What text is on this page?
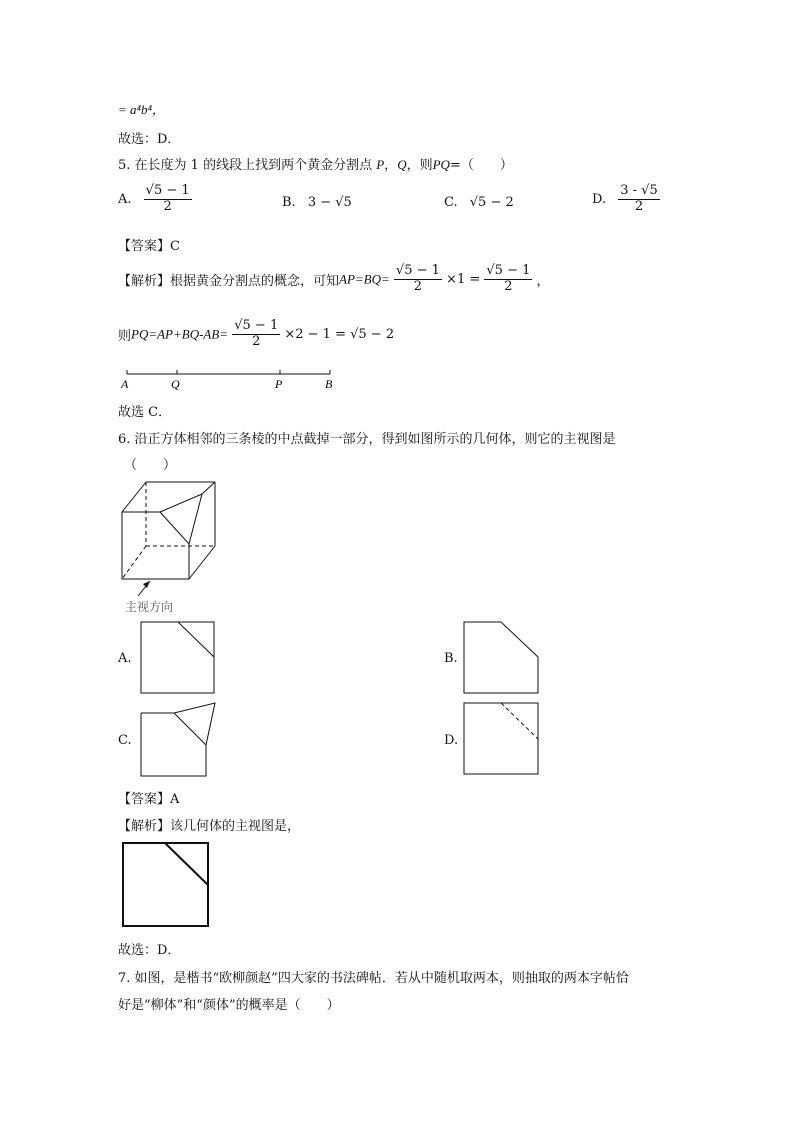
= a⁴b⁴，
故选：D．
5. 在长度为 1 的线段上找到两个黄金分割点 P，Q，则PQ=（　　）
A. $\frac{√5 - 1}{2}$	B. 3 − √5	C. √5 − 2	D. $\frac{3 - √5}{2}$
【答案】C
【解析】根据黄金分割点的概念，可知$AP=BQ= \frac{√5 - 1}{2} \times 1 = \frac{√5 - 1}{2}$ ，
则$PQ=AP+BQ-AB= \frac{√5 - 1}{2} \times 2 - 1 = √5 - 2$
A	Q	P	B
故选 C．
6. 沿正方体相邻的三条棱的中点截掉一部分，得到如图所示的几何体，则它的主视图是
（　　）
主视方向
A.	B.
C.	D.
【答案】A
【解析】该几何体的主视图是，
故选：D．
7. 如图，是楷书“欧柳颜赵”四大家的书法碑帖．若从中随机取两本，则抽取的两本字帖恰
好是“柳体”和“颜体”的概率是（　　）
